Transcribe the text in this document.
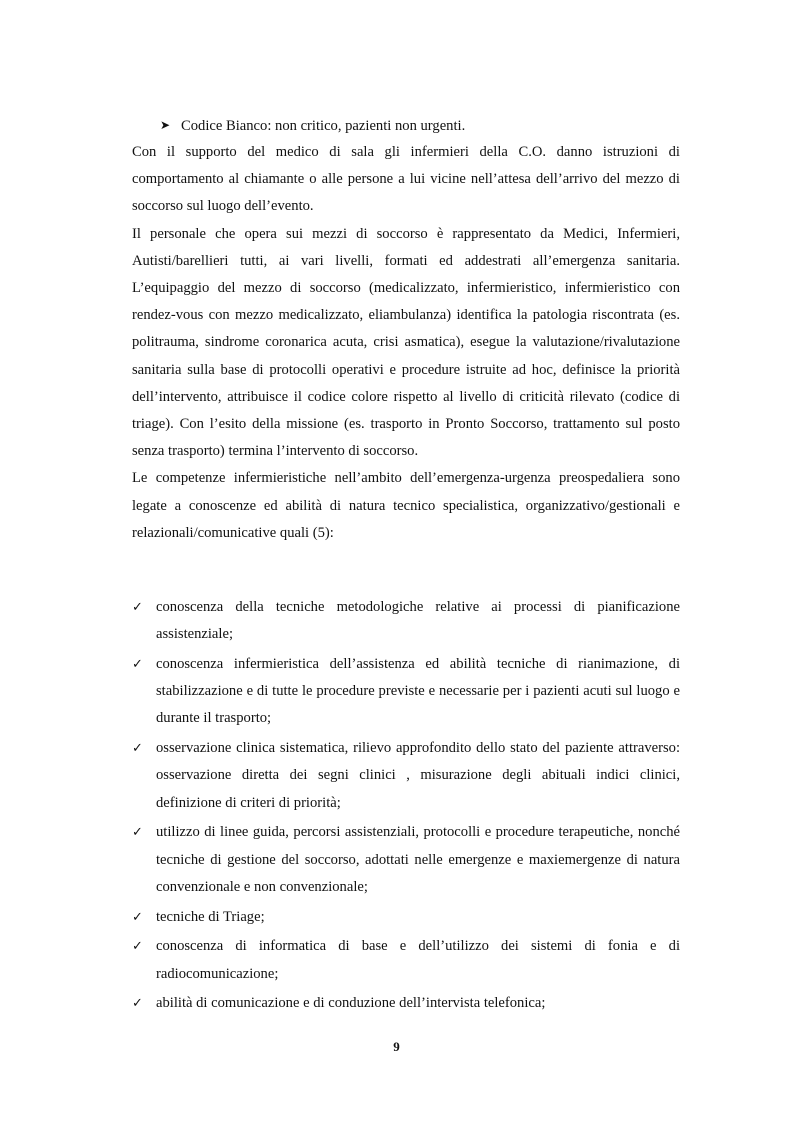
➤ Codice Bianco: non critico, pazienti non urgenti.

Con il supporto del medico di sala gli infermieri della C.O. danno istruzioni di comportamento al chiamante o alle persone a lui vicine nell’attesa dell’arrivo del mezzo di soccorso sul luogo dell’evento.

Il personale che opera sui mezzi di soccorso è rappresentato da Medici, Infermieri, Autisti/barellieri tutti, ai vari livelli, formati ed addestrati all’emergenza sanitaria. L’equipaggio del mezzo di soccorso (medicalizzato, infermieristico, infermieristico con rendez-vous con mezzo medicalizzato, eliambulanza) identifica la patologia riscontrata (es. politrauma, sindrome coronarica acuta, crisi asmatica), esegue la valutazione/rivalutazione sanitaria sulla base di protocolli operativi e procedure istruite ad hoc, definisce la priorità dell’intervento, attribuisce il codice colore rispetto al livello di criticità rilevato (codice di triage). Con l’esito della missione (es. trasporto in Pronto Soccorso, trattamento sul posto senza trasporto) termina l’intervento di soccorso.

Le competenze infermieristiche nell’ambito dell’emergenza-urgenza preospedaliera sono legate a conoscenze ed abilità di natura tecnico specialistica, organizzativo/gestionali e relazionali/comunicative quali (5):

✓ conoscenza della tecniche metodologiche relative ai processi di pianificazione assistenziale;
✓ conoscenza infermieristica dell’assistenza ed abilità tecniche di rianimazione, di stabilizzazione e di tutte le procedure previste e necessarie per i pazienti acuti sul luogo e durante il trasporto;
✓ osservazione clinica sistematica, rilievo approfondito dello stato del paziente attraverso: osservazione diretta dei segni clinici , misurazione degli abituali indici clinici, definizione di criteri di priorità;
✓ utilizzo di linee guida, percorsi assistenziali, protocolli e procedure terapeutiche, nonché tecniche di gestione del soccorso, adottati nelle emergenze e maxiemergenze di natura convenzionale e non convenzionale;
✓ tecniche di Triage;
✓ conoscenza di informatica di base e dell’utilizzo dei sistemi di fonia e di radiocomunicazione;
✓ abilità di comunicazione e di conduzione dell’intervista telefonica;
9
